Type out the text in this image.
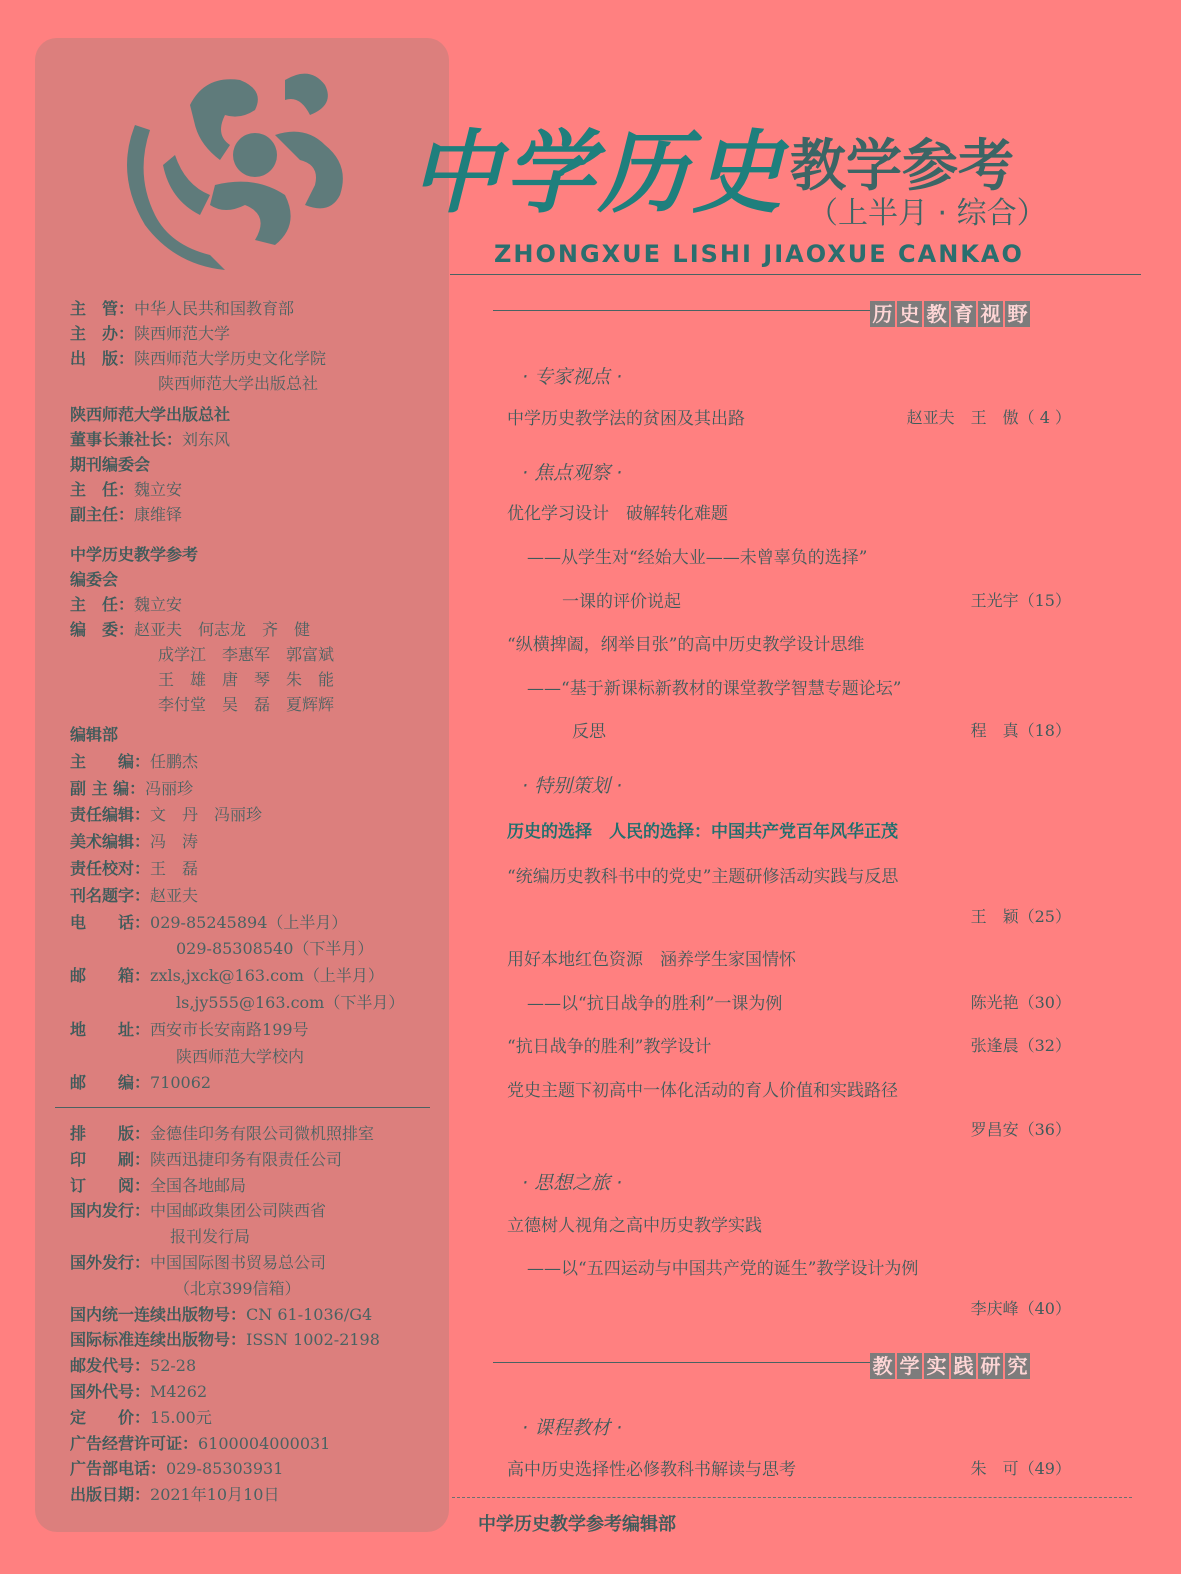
主　管：中华人民共和国教育部
主　办：陕西师范大学
出　版：陕西师范大学历史文化学院
陕西师范大学出版总社
陕西师范大学出版总社
董事长兼社长：刘东风
期刊编委会
主　任：魏立安
副主任：康维铎
中学历史教学参考
编委会
主　任：魏立安
编　委：赵亚夫　何志龙　齐　健
成学江　李惠军　郭富斌
王　雄　唐　琴　朱　能
李付堂　吴　磊　夏辉辉
编辑部
主　　编：任鹏杰
副 主 编：冯丽珍
责任编辑：文　丹　冯丽珍
美术编辑：冯　涛
责任校对：王　磊
刊名题字：赵亚夫
电　　话：029-85245894（上半月）
029-85308540（下半月）
邮　　箱：zxls,jxck@163.com（上半月）
ls,jy555@163.com（下半月）
地　　址：西安市长安南路199号
陕西师范大学校内
邮　　编：710062
排　　版：金德佳印务有限公司微机照排室
印　　刷：陕西迅捷印务有限责任公司
订　　阅：全国各地邮局
国内发行：中国邮政集团公司陕西省
报刊发行局
国外发行：中国国际图书贸易总公司
（北京399信箱）
国内统一连续出版物号：CN 61-1036/G4
国际标准连续出版物号：ISSN 1002-2198
邮发代号：52-28
国外代号：M4262
定　　价：15.00元
广告经营许可证：6100004000031
广告部电话：029-85303931
出版日期：2021年10月10日
中学历史 教学参考
（上半月 · 综合）
ZHONGXUE LISHI JIAOXUE CANKAO
历 史 教 育 视 野
· 专家视点 ·
中学历史教学法的贫困及其出路	赵亚夫　王　傲（ 4 ）
· 焦点观察 ·
优化学习设计　破解转化难题
——从学生对“经始大业——未曾辜负的选择”
一课的评价说起	王光宇（15）
“纵横捭阖，纲举目张”的高中历史教学设计思维
——“基于新课标新教材的课堂教学智慧专题论坛”
反思	程　真（18）
· 特别策划 ·
历史的选择　人民的选择：中国共产党百年风华正茂
“统编历史教科书中的党史”主题研修活动实践与反思
王　颖（25）
用好本地红色资源　涵养学生家国情怀
——以“抗日战争的胜利”一课为例	陈光艳（30）
“抗日战争的胜利”教学设计	张逢晨（32）
党史主题下初高中一体化活动的育人价值和实践路径
罗昌安（36）
· 思想之旅 ·
立德树人视角之高中历史教学实践
——以“五四运动与中国共产党的诞生”教学设计为例
李庆峰（40）
教 学 实 践 研 究
· 课程教材 ·
高中历史选择性必修教科书解读与思考	朱　可（49）
中学历史教学参考编辑部
